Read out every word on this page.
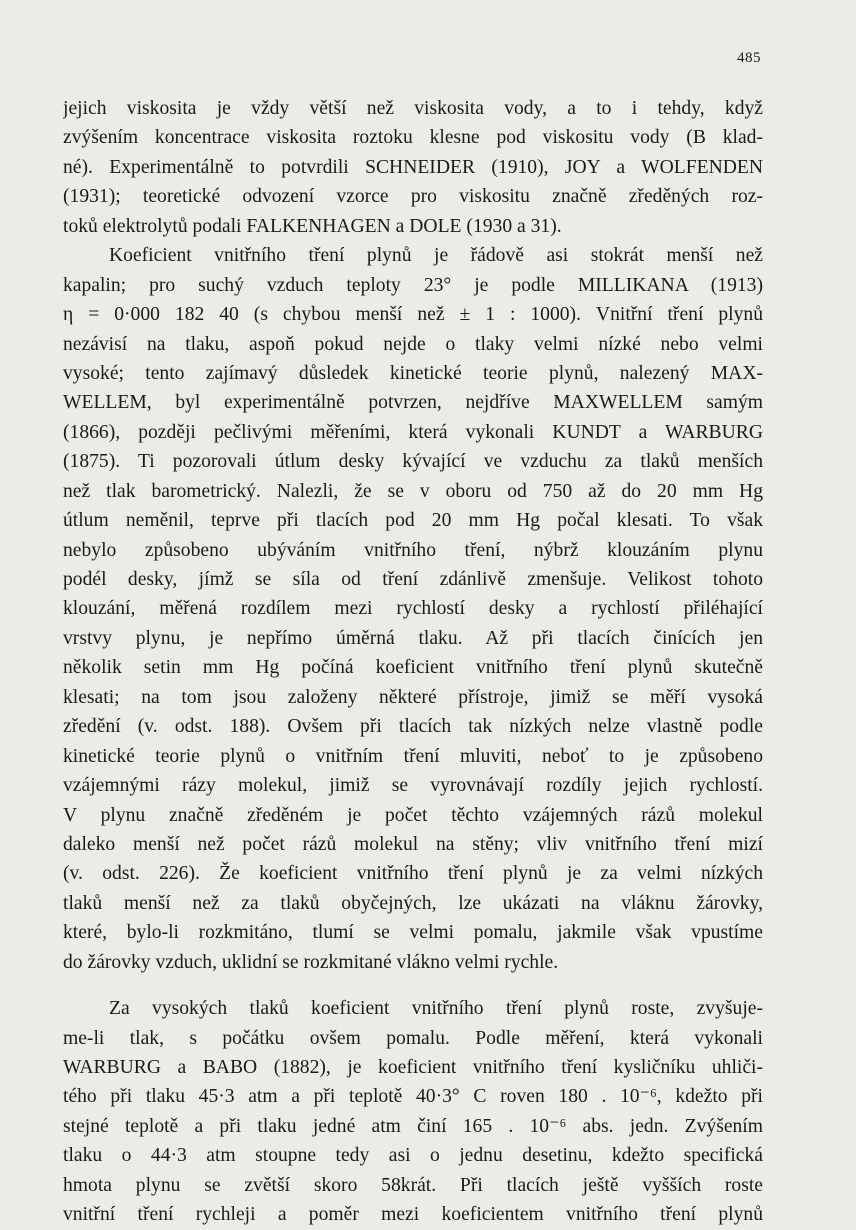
485
jejich viskosita je vždy větší než viskosita vody, a to i tehdy, když
zvýšením koncentrace viskosita roztoku klesne pod viskositu vody (B klad-
né). Experimentálně to potvrdili SCHNEIDER (1910), JOY a WOLFENDEN
(1931); teoretické odvození vzorce pro viskositu značně zředěných roz-
toků elektrolytů podali FALKENHAGEN a DOLE (1930 a 31).
Koeficient vnitřního tření plynů je řádově asi stokrát menší než
kapalin; pro suchý vzduch teploty 23° je podle MILLIKANA (1913)
η = 0·000 182 40 (s chybou menší než ± 1 : 1000). Vnitřní tření plynů
nezávisí na tlaku, aspoň pokud nejde o tlaky velmi nízké nebo velmi
vysoké; tento zajímavý důsledek kinetické teorie plynů, nalezený MAX-
WELLEM, byl experimentálně potvrzen, nejdříve MAXWELLEM samým
(1866), později pečlivými měřeními, která vykonali KUNDT a WARBURG
(1875). Ti pozorovali útlum desky kývající ve vzduchu za tlaků menších
než tlak barometrický. Nalezli, že se v oboru od 750 až do 20 mm Hg
útlum neměnil, teprve při tlacích pod 20 mm Hg počal klesati. To však
nebylo způsobeno ubýváním vnitřního tření, nýbrž klouzáním plynu
podél desky, jímž se síla od tření zdánlivě zmenšuje. Velikost tohoto
klouzání, měřená rozdílem mezi rychlostí desky a rychlostí přiléhající
vrstvy plynu, je nepřímo úměrná tlaku. Až při tlacích činících jen
několik setin mm Hg počíná koeficient vnitřního tření plynů skutečně
klesati; na tom jsou založeny některé přístroje, jimiž se měří vysoká
zředění (v. odst. 188). Ovšem při tlacích tak nízkých nelze vlastně podle
kinetické teorie plynů o vnitřním tření mluviti, neboť to je způsobeno
vzájemnými rázy molekul, jimiž se vyrovnávají rozdíly jejich rychlostí.
V plynu značně zředěném je počet těchto vzájemných rázů molekul
daleko menší než počet rázů molekul na stěny; vliv vnitřního tření mizí
(v. odst. 226). Že koeficient vnitřního tření plynů je za velmi nízkých
tlaků menší než za tlaků obyčejných, lze ukázati na vláknu žárovky,
které, bylo-li rozkmitáno, tlumí se velmi pomalu, jakmile však vpustíme
do žárovky vzduch, uklidní se rozkmitané vlákno velmi rychle.
Za vysokých tlaků koeficient vnitřního tření plynů roste, zvyšuje-
me-li tlak, s počátku ovšem pomalu. Podle měření, která vykonali
WARBURG a BABO (1882), je koeficient vnitřního tření kysličníku uhliči-
tého při tlaku 45·3 atm a při teplotě 40·3° C roven 180 . 10⁻⁶, kdežto při
stejné teplotě a při tlaku jedné atm činí 165 . 10⁻⁶ abs. jedn. Zvýšením
tlaku o 44·3 atm stoupne tedy asi o jednu desetinu, kdežto specifická
hmota plynu se zvětší skoro 58krát. Při tlacích ještě vyšších roste
vnitřní tření rychleji a poměr mezi koeficientem vnitřního tření plynů
